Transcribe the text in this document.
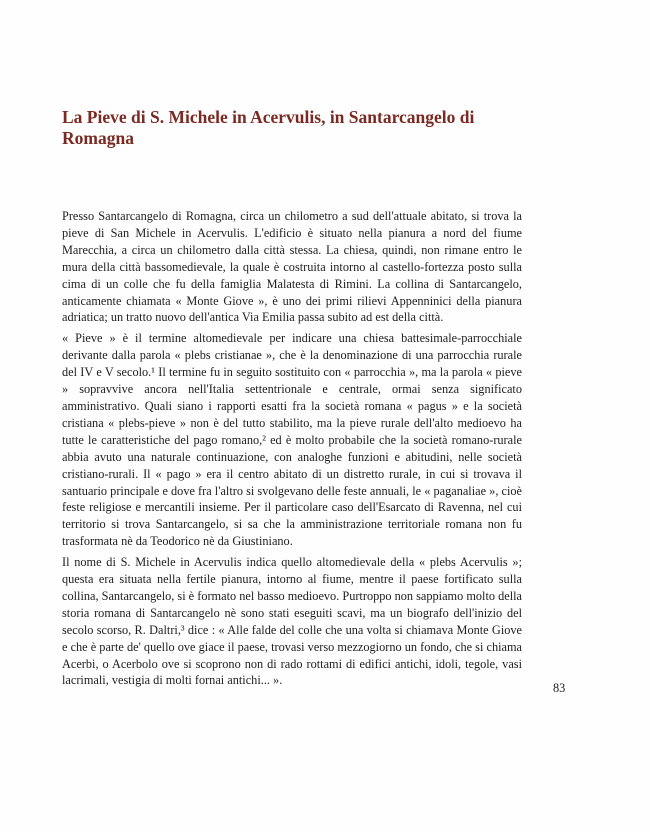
La Pieve di S. Michele in Acervulis, in Santarcangelo di Romagna

Presso Santarcangelo di Romagna, circa un chilometro a sud dell'attuale abitato, si trova la pieve di San Michele in Acervulis. L'edificio è situato nella pianura a nord del fiume Marecchia, a circa un chilometro dalla città stessa. La chiesa, quindi, non rimane entro le mura della città bassomedievale, la quale è costruita intorno al castello-fortezza posto sulla cima di un colle che fu della famiglia Malatesta di Rimini. La collina di Santarcangelo, anticamente chiamata « Monte Giove », è uno dei primi rilievi Appenninici della pianura adriatica; un tratto nuovo dell'antica Via Emilia passa subito ad est della città.

« Pieve » è il termine altomedievale per indicare una chiesa battesimale-parrocchiale derivante dalla parola « plebs cristianae », che è la denominazione di una parrocchia rurale del IV e V secolo.¹ Il termine fu in seguito sostituito con « parrocchia », ma la parola « pieve » sopravvive ancora nell'Italia settentrionale e centrale, ormai senza significato amministrativo. Quali siano i rapporti esatti fra la società romana « pagus » e la società cristiana « plebs-pieve » non è del tutto stabilito, ma la pieve rurale dell'alto medioevo ha tutte le caratteristiche del pago romano,² ed è molto probabile che la società romano-rurale abbia avuto una naturale continuazione, con analoghe funzioni e abitudini, nelle società cristiano-rurali. Il « pago » era il centro abitato di un distretto rurale, in cui si trovava il santuario principale e dove fra l'altro si svolgevano delle feste annuali, le « paganaliae », cioè feste religiose e mercantili insieme. Per il particolare caso dell'Esarcato di Ravenna, nel cui territorio si trova Santarcangelo, si sa che la amministrazione territoriale romana non fu trasformata nè da Teodorico nè da Giustiniano.

Il nome di S. Michele in Acervulis indica quello altomedievale della « plebs Acervulis »; questa era situata nella fertile pianura, intorno al fiume, mentre il paese fortificato sulla collina, Santarcangelo, si è formato nel basso medioevo. Purtroppo non sappiamo molto della storia romana di Santarcangelo nè sono stati eseguiti scavi, ma un biografo dell'inizio del secolo scorso, R. Daltri,³ dice : « Alle falde del colle che una volta si chiamava Monte Giove e che è parte de' quello ove giace il paese, trovasi verso mezzogiorno un fondo, che si chiama Acerbi, o Acerbolo ove si scoprono non di rado rottami di edifici antichi, idoli, tegole, vasi lacrimali, vestigia di molti fornai antichi... ».

83
